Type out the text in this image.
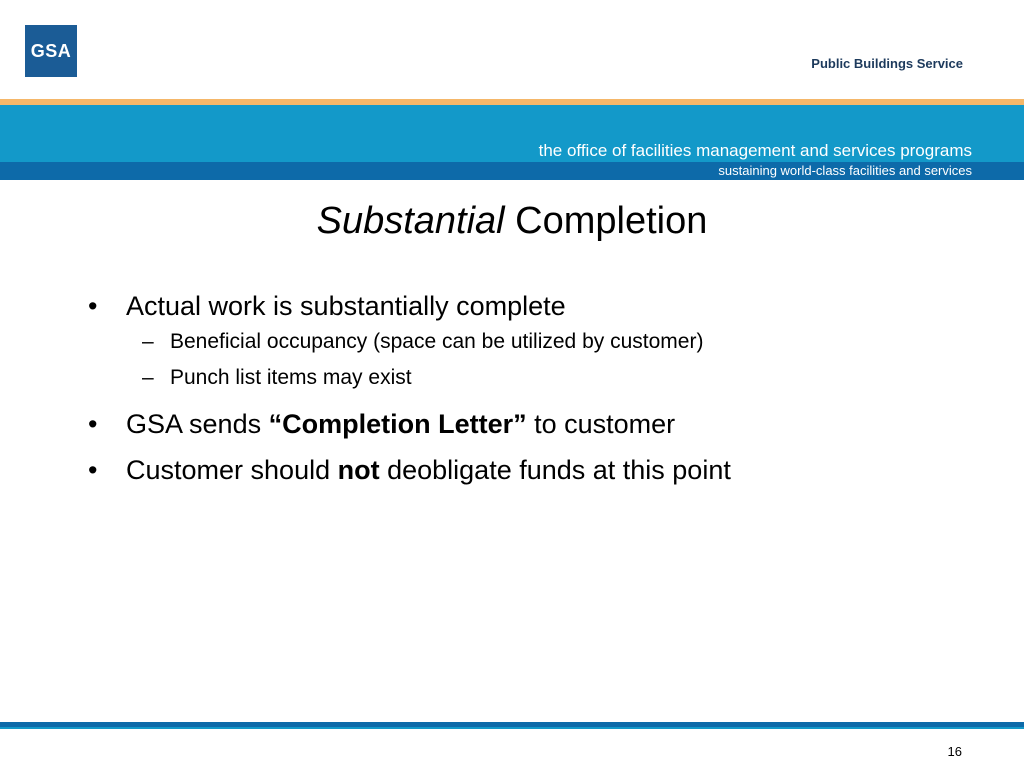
GSA
Public Buildings Service
the office of facilities management and services programs
sustaining world-class facilities and services
Substantial Completion
• Actual work is substantially complete
– Beneficial occupancy (space can be utilized by customer)
– Punch list items may exist
• GSA sends “Completion Letter” to customer
• Customer should not deobligate funds at this point
16
